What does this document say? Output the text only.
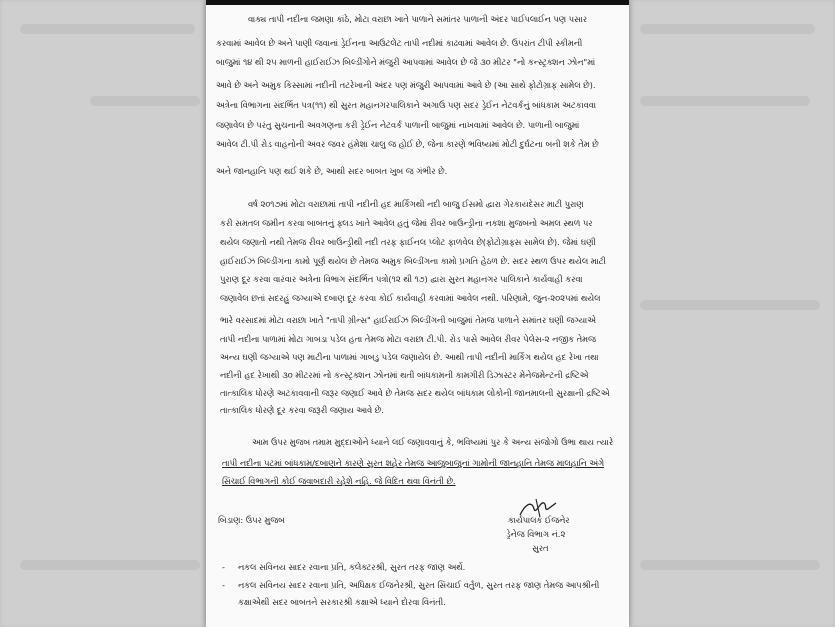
વાક્ય તાપી નદીના જમણા કાંઠે, મોટા વરાછા ખાતે પાળાને સમાંતર પાળાની અંદર પાઈપલાઈન પણ પસાર
કરવામાં આવેલ છે અને પાણી જવાનાં ડ્રેઈનના આઉટલેટ તાપી નદીમાં કાઢવામાં આવેલ છે. ઉપરાંત ટીપી સ્કીમની
બાજુમાં ૧૪ થી ૨૫ માળની હાઈરાઈઝ બિલ્ડીંગોને મંજુરી આપવામાં આવેલ છે જે ૩૦ મીટર "નો કન્સ્ટ્રક્શન ઝોન"માં
આવે છે અને અમુક કિસ્સામાં નદીની તટરેખાની અંદર પણ મંજુરી આપવામાં આવે છે (આ સાથે ફોટોગ્રાફ સામેલ છે).
અત્રેના વિભાગના સંદર્ભિત પત્ર(૧૧) થી સુરત મહાનગરપાલિકાને અગાઉ પણ સદર ડ્રેઈન નેટવર્કનું બાંધકામ અટકાવવા
જણાવેલ છે પરંતુ સુચનાની અવગણના કરી ડ્રેઈન નેટવર્ક પાળાની બાજુમાં નાખવામાં આવેલ છે. પાળાની બાજુમાં
આવેલ ટી.પી રોડ વાહનોની અવર જવર હંમેશા ચાલુ જ હોઈ છે, જેના કારણે ભવિષ્યમાં મોટી દુર્ઘટના બની શકે તેમ છે
અને જાનહાનિ પણ થઈ શકે છે, આથી સદર બાબત ખુબ જ ગંભીર છે.
વર્ષ ૨૦૧૭માં મોટા વરાછામાં તાપી નદીની હદ માર્કિંગથી નદી બાજુ ઈસમો દ્વારા ગેરકાયદેસર માટી પુરાણ
કરી સમતલ જમીન કરવા બાબતનું ફ્લડ ખાતે આવેલ હતું જેમાં રીવર બાઉન્ડ્રીના નકશા મુજબનો અમલ સ્થળ પર
થયેલ જણાતો નથી તેમજ રીવર બાઉન્ડ્રીથી નદી તરફ ફાઈનલ પ્લોટ ફાળવેલ છે(ફોટોગ્રાફ્સ સામેલ છે). જેમાં ઘણી
હાઈરાઈઝ બિલ્ડીંગના કામો પૂર્ણ થયેલ છે તેમજ અમુક બિલ્ડીંગના કામો પ્રગતિ હેઠળ છે. સદર સ્થળ ઉપર થયેલ માટી
પુરાણ દૂર કરવા વારંવાર અત્રેના વિભાગ સંદર્ભિત પત્રો(૧૨ થી ૧૭) દ્વારા સુરત મહાનગર પાલિકાને કાર્યવાહી કરવા
જણાવેલ છતાં સદરહું જગ્યાએ દબાણ દૂર કરવા કોઈ કાર્યવાહી કરવામાં આવેલ નથી. પરિણામે, જુન-૨૦૨૫માં થયેલ
ભારે વરસાદમાં મોટા વરાછા ખાતે "તાપી ગ્રીન્સ" હાઈરાઈઝ બિલ્ડીંગની બાજુમાં તેમજ પાળાને સમાંતર ઘણી જગ્યાએ
તાપી નદીના પાળામાં મોટા ગાબડા પડેલ હતા તેમજ મોટા વરાછા ટી.પી. રોડ પાસે આવેલ રીવર પેલેસ-૨ નજીક તેમજ
અન્ય ઘણી જગ્યાએ પણ માટીના પાળામાં ગાબડુ પડેલ જણાયેલ છે. આથી તાપી નદીની માર્કિંગ થયેલ હદ રેખા તથા
નદીની હદ રેખાથી ૩૦ મીટરમાં નો કન્સ્ટ્રક્શન ઝોનમાં થતી બાંધકામની કામગીરી ડિઝાસ્ટર મેનેજમેન્ટની દ્રષ્ટિએ
તાત્કાલિક ધોરણે અટકાવવાની જરૂર જણાઈ આવે છે તેમજ સદર થયેલ બાંધકામ લોકોની જાનમાલની સુરક્ષાની દ્રષ્ટિએ
તાત્કાલિક ધોરણે દૂર કરવા જરૂરી જણાય આવે છે.
આમ ઉપર મુજબ તમામ મુદ્દાઓને ધ્યાને લઈ જણાવવાનું કે, ભવિષ્યમાં પુર કે અન્ય સંજોગો ઉભા થાય ત્યારે
તાપી નદીના પટમાં બાંધકામ/દબાણને કારણે સુરત શહેર તેમજ આજુબાજુનાં ગામોની જાનહાનિ તેમજ માલહાનિ અંગે
સિંચાઈ વિભાગની કોઈ જવાબદારી રહેશે નહિ. જે વિદિત થવા વિનંતી છે.
બિડાણ: ઉપર મુજબ	કાર્યપાલક ઈજનેર
ડ્રેનેજ વિભાગ નં.૨
સુરત
- નકલ સવિનય સાદર રવાના પ્રતિ, કલેક્ટરશ્રી, સુરત તરફ જાણ અર્થે.
- નકલ સવિનય સાદર રવાના પ્રતિ, અધિક્ષક ઈજનેરશ્રી, સુરત સિંચાઈ વર્તુળ, સુરત તરફ જાણ તેમજ આપશ્રીની
કક્ષાએથી સદર બાબતને સરકારશ્રી કક્ષાએ ધ્યાને દોરવા વિનંતી.
